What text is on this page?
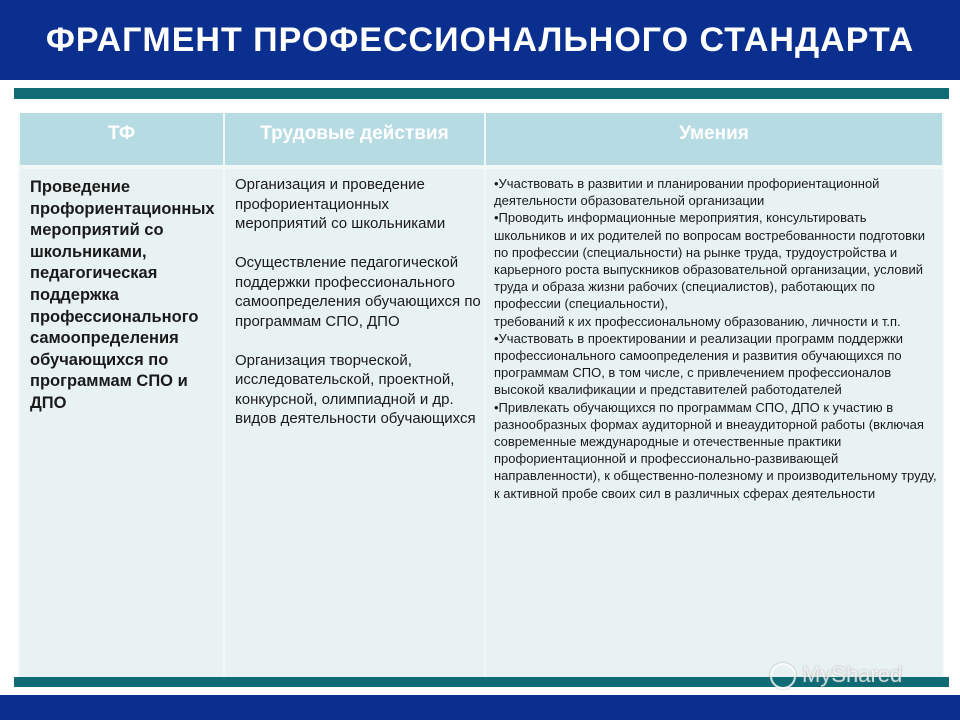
ФРАГМЕНТ ПРОФЕССИОНАЛЬНОГО СТАНДАРТА
ТФ
Проведение профориентационных мероприятий со школьниками, педагогическая поддержка профессионального самоопределения обучающихся по программам СПО и ДПО
Трудовые действия

Организация и проведение профориентационных мероприятий со школьниками

Осуществление педагогической поддержки профессионального самоопределения обучающихся по программам СПО, ДПО

Организация творческой, исследовательской, проектной, конкурсной, олимпиадной и др. видов деятельности обучающихся

Умения

•Участвовать в развитии и планировании профориентационной деятельности образовательной организации

•Проводить информационные мероприятия, консультировать школьников и их родителей по вопросам востребованности подготовки по профессии (специальности) на рынке труда, трудоустройства и карьерного роста выпускников образовательной организации, условий труда и образа жизни рабочих (специалистов), работающих по профессии (специальности),

требований к их профессиональному образованию, личности и т.п.

•Участвовать в проектировании и реализации программ поддержки профессионального самоопределения и развития обучающихся по программам СПО, в том числе, с привлечением профессионалов высокой квалификации и представителей работодателей

•Привлекать обучающихся по программам СПО, ДПО к участию в разнообразных формах аудиторной и внеаудиторной работы (включая современные международные и отечественные практики профориентационной и профессионально-развивающей направленности), к общественно-полезному и производительному труду, к активной пробе своих сил в различных сферах деятельности

MyShared
